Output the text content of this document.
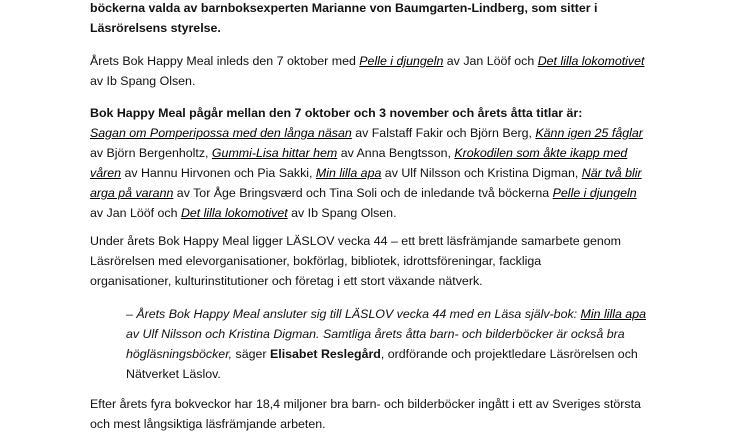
böckerna valda av barnboksexperten Marianne von Baumgarten-Lindberg, som sitter i
Läsrörelsens styrelse.
Årets Bok Happy Meal inleds den 7 oktober med Pelle i djungeln av Jan Lööf och Det lilla lokomotivet
av Ib Spang Olsen.
Bok Happy Meal pågår mellan den 7 oktober och 3 november och årets åtta titlar är:
Sagan om Pomperipossa med den långa näsan av Falstaff Fakir och Björn Berg, Känn igen 25 fåglar
av Björn Bergenholtz, Gummi-Lisa hittar hem av Anna Bengtsson, Krokodilen som åkte ikapp med
våren av Hannu Hirvonen och Pia Sakki, Min lilla apa av Ulf Nilsson och Kristina Digman, När två blir
arga på varann av Tor Åge Bringsværd och Tina Soli och de inledande två böckerna Pelle i djungeln
av Jan Lööf och Det lilla lokomotivet av Ib Spang Olsen.
Under årets Bok Happy Meal ligger LÄSLOV vecka 44 – ett brett läsfrämjande samarbete genom
Läsrörelsen med elevorganisationer, bokförlag, bibliotek, idrottsföreningar, fackliga
organisationer, kulturinstitutioner och företag i ett stort växande nätverk.
– Årets Bok Happy Meal ansluter sig till LÄSLOV vecka 44 med en Läsa själv-bok: Min lilla apa
av Ulf Nilsson och Kristina Digman. Samtliga årets åtta barn- och bilderböcker är också bra
högläsningsböcker, säger Elisabet Reslegård, ordförande och projektledare Läsrörelsen och
Nätverket Läslov.
Efter årets fyra bokveckor har 18,4 miljoner bra barn- och bilderböcker ingått i ett av Sveriges största
och mest långsiktiga läsfrämjande arbeten.
